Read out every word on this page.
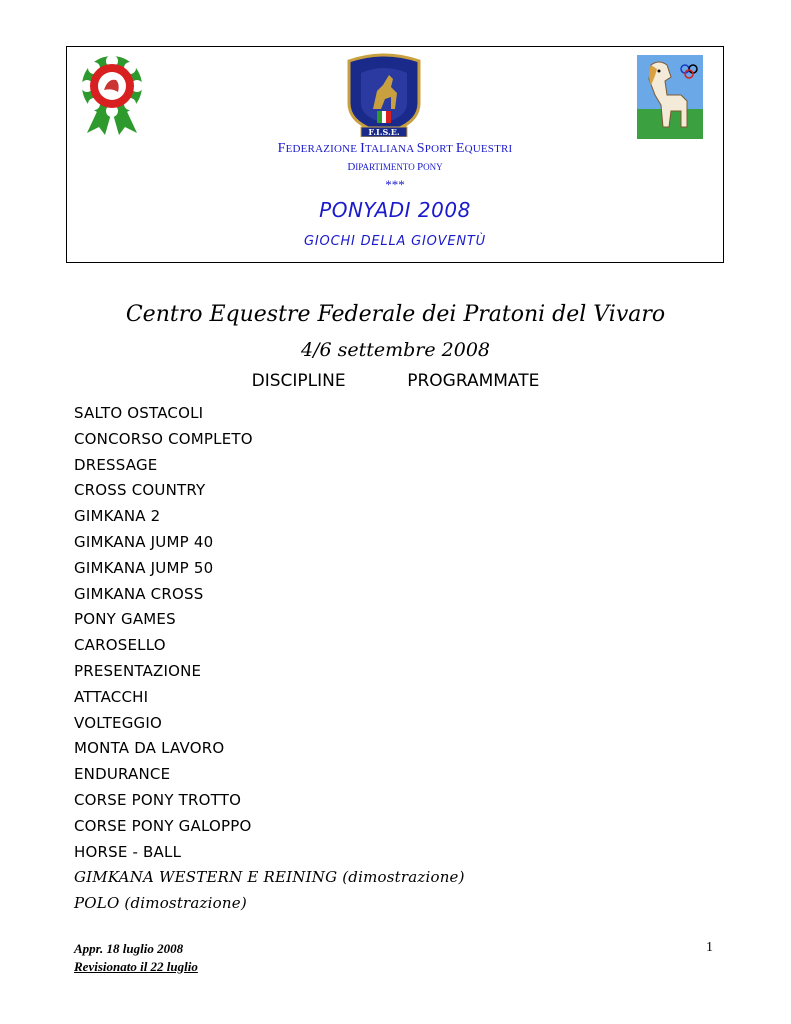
F.I.S.E.
FEDERAZIONE ITALIANA SPORT EQUESTRI
DIPARTIMENTO PONY
***
PONYADI 2008
GIOCHI DELLA GIOVENTÙ
Centro Equestre Federale dei Pratoni del Vivaro
4/6 settembre 2008
DISCIPLINE    PROGRAMMATE
SALTO OSTACOLI
CONCORSO COMPLETO
DRESSAGE
CROSS COUNTRY
GIMKANA 2
GIMKANA JUMP 40
GIMKANA JUMP 50
GIMKANA CROSS
PONY GAMES
CAROSELLO
PRESENTAZIONE
ATTACCHI
VOLTEGGIO
MONTA DA LAVORO
ENDURANCE
CORSE PONY TROTTO
CORSE PONY GALOPPO
HORSE - BALL
GIMKANA WESTERN E REINING (dimostrazione)
POLO (dimostrazione)
Appr. 18 luglio 2008
Revisionato il 22 luglio
1
